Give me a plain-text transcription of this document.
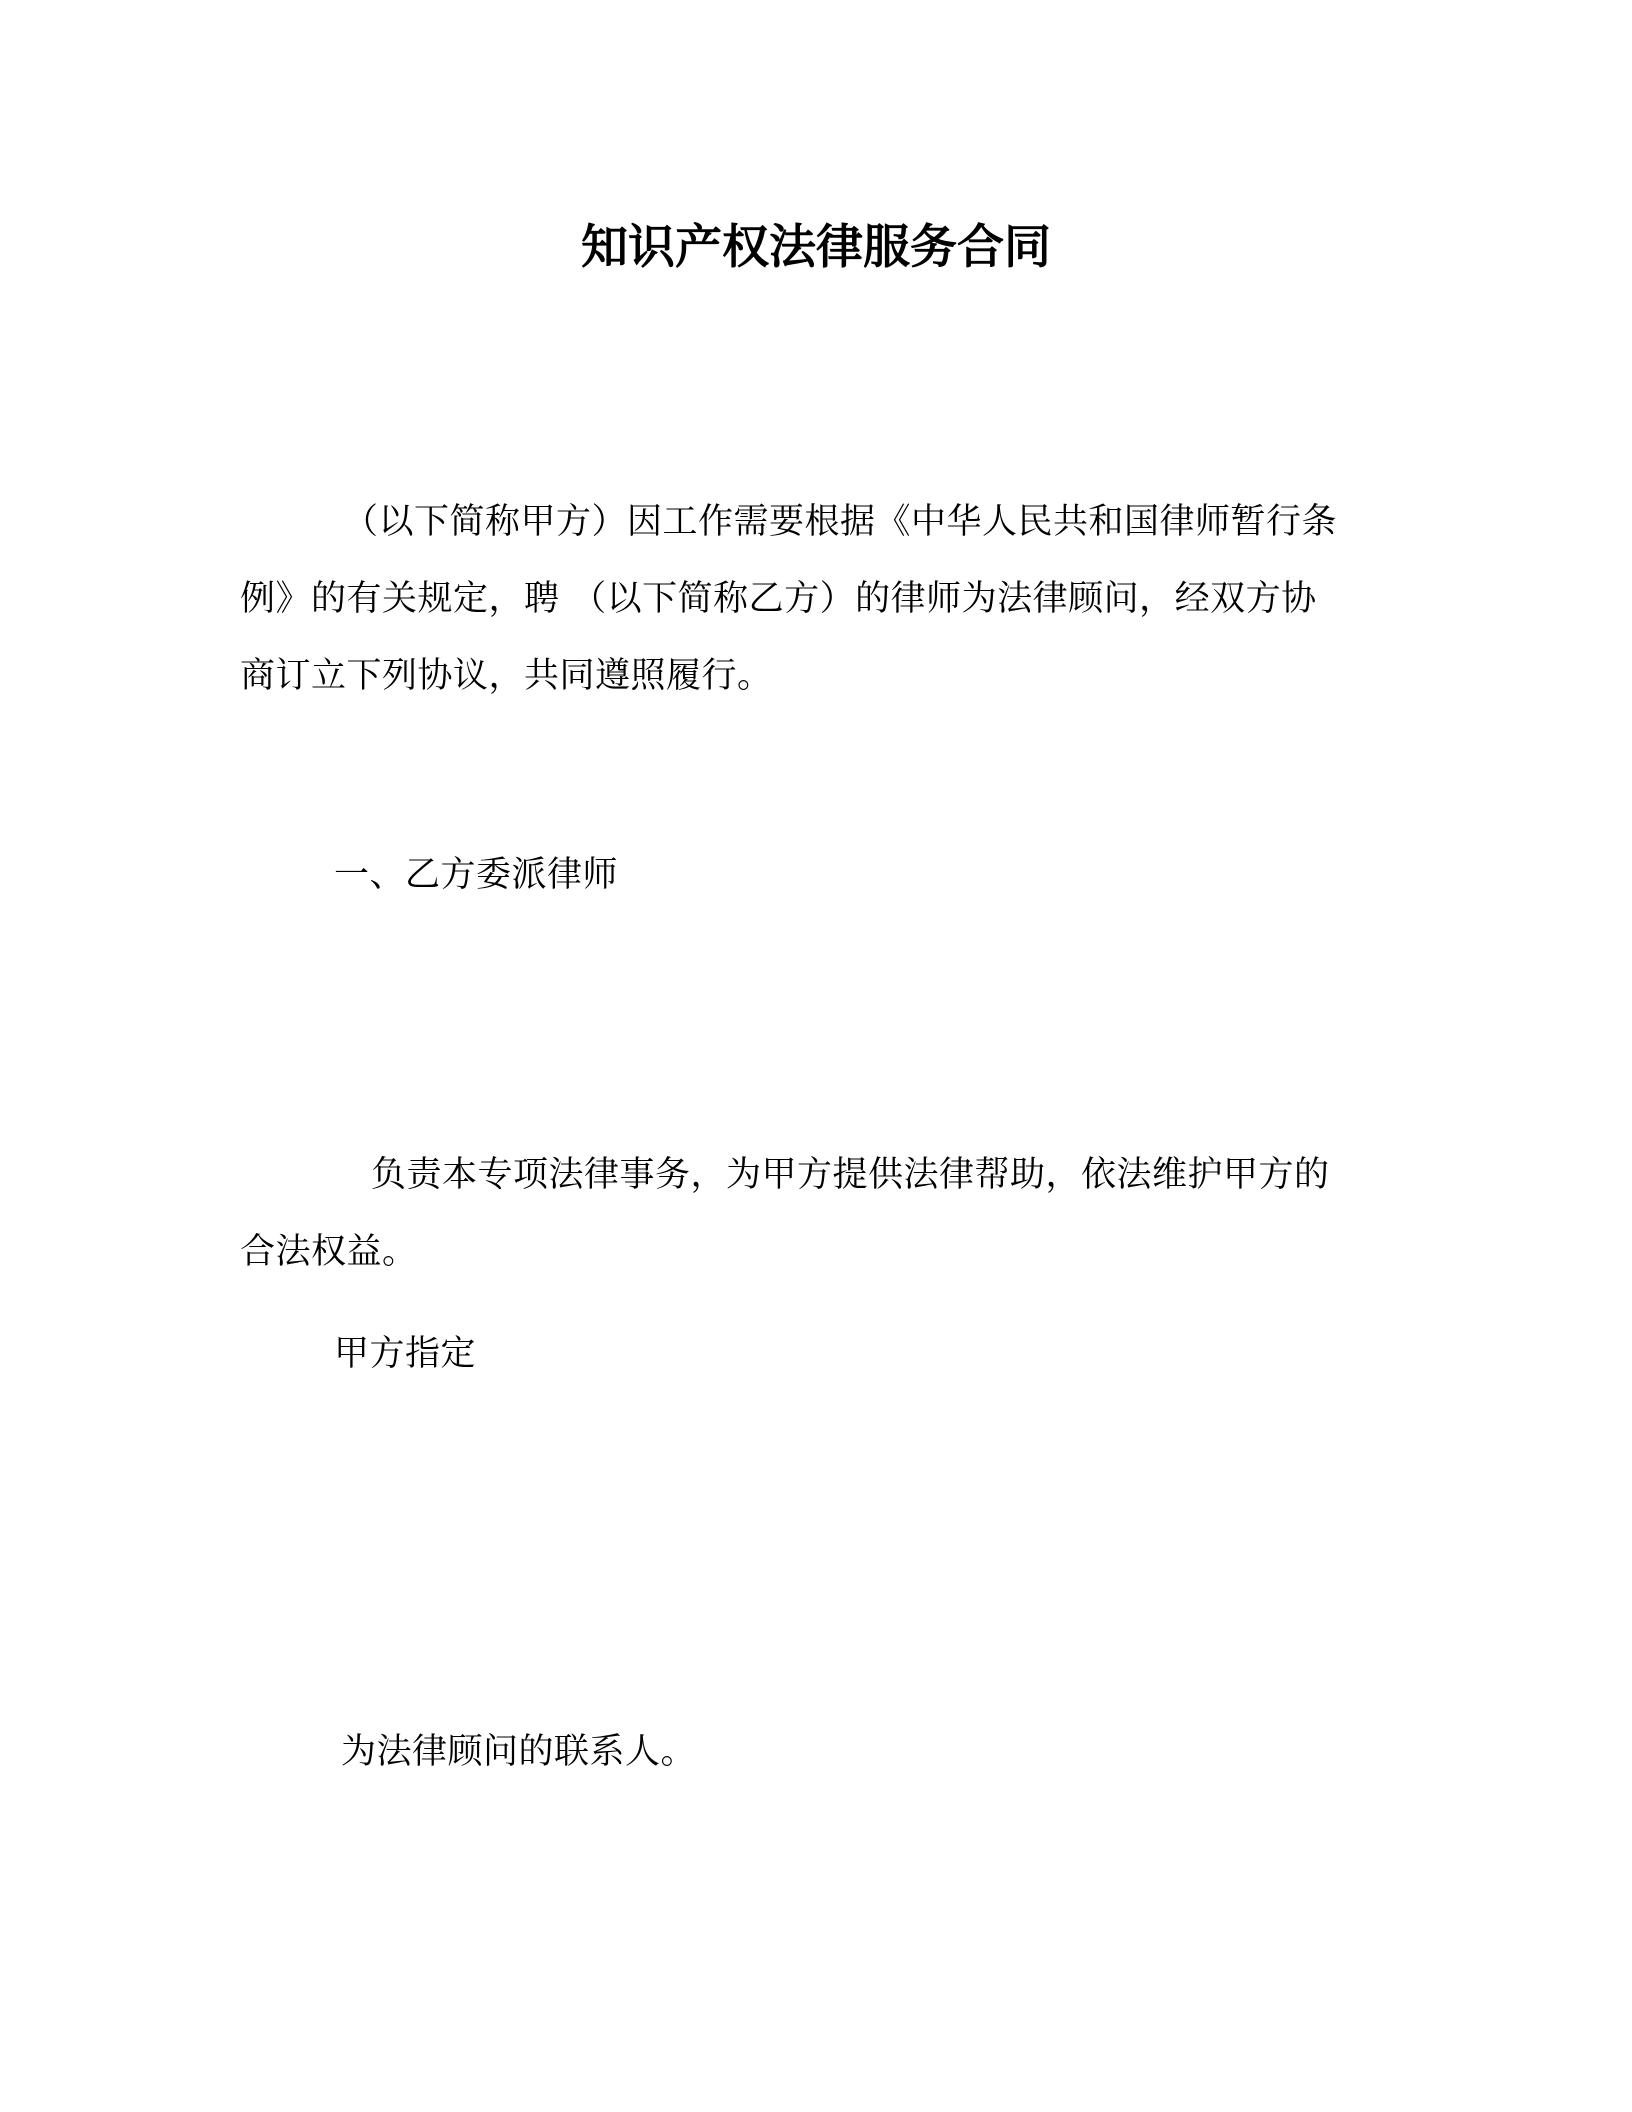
知识产权法律服务合同
（以下简称甲方）因工作需要根据《中华人民共和国律师暂行条
例》的有关规定，聘 （以下简称乙方）的律师为法律顾问，经双方协
商订立下列协议，共同遵照履行。
一、乙方委派律师
负责本专项法律事务，为甲方提供法律帮助，依法维护甲方的
合法权益。
甲方指定
为法律顾问的联系人。
